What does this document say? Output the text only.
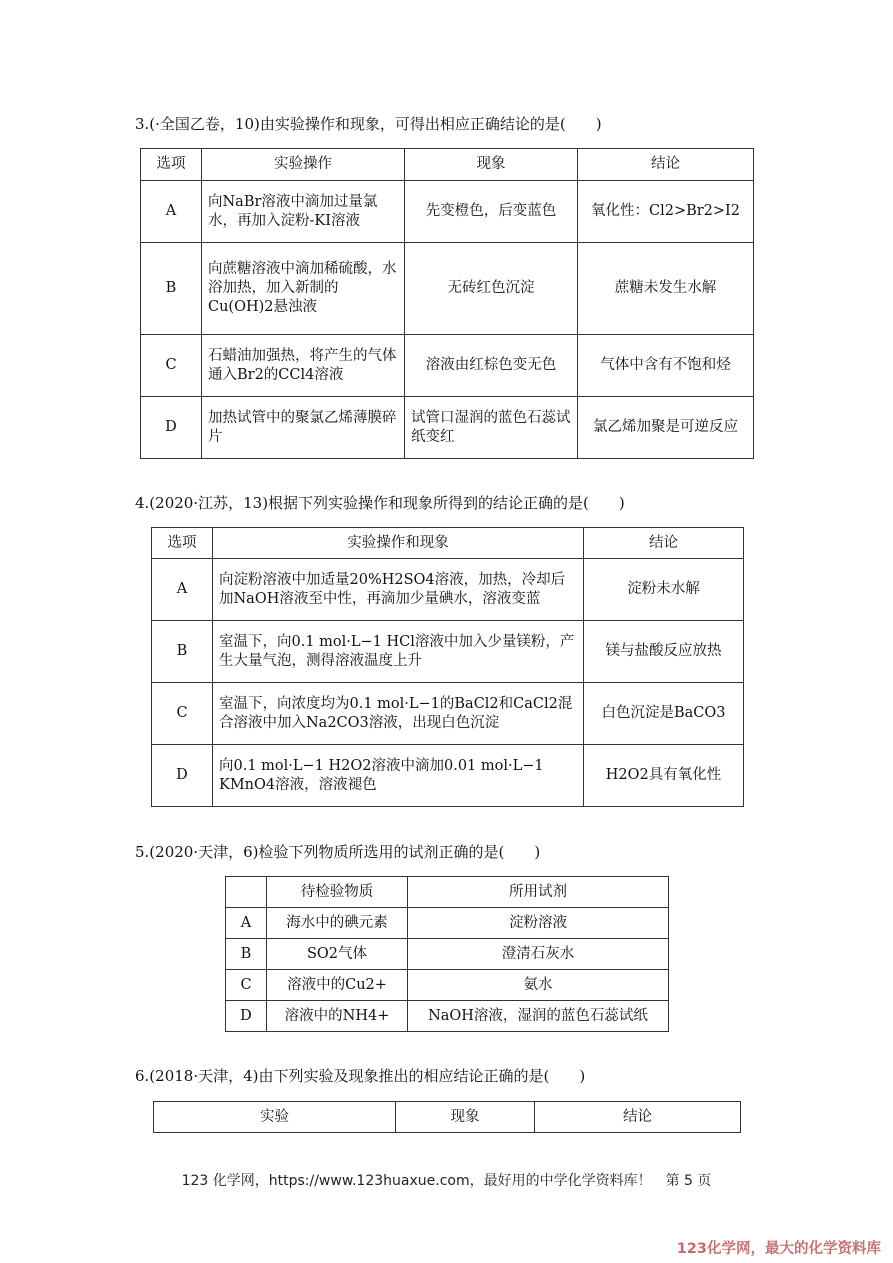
3.(·全国乙卷，10)由实验操作和现象，可得出相应正确结论的是(　　)
选项	实验操作	现象	结论
A	向NaBr溶液中滴加过量氯水，再加入淀粉-KI溶液	先变橙色，后变蓝色	氧化性：Cl2>Br2>I2
B	向蔗糖溶液中滴加稀硫酸，水浴加热，加入新制的Cu(OH)2悬浊液	无砖红色沉淀	蔗糖未发生水解
C	石蜡油加强热，将产生的气体通入Br2的CCl4溶液	溶液由红棕色变无色	气体中含有不饱和烃
D	加热试管中的聚氯乙烯薄膜碎片	试管口湿润的蓝色石蕊试纸变红	氯乙烯加聚是可逆反应
4.(2020·江苏，13)根据下列实验操作和现象所得到的结论正确的是(　　)
选项	实验操作和现象	结论
A	向淀粉溶液中加适量20%H2SO4溶液，加热，冷却后加NaOH溶液至中性，再滴加少量碘水，溶液变蓝	淀粉未水解
B	室温下，向0.1 mol·L−1 HCl溶液中加入少量镁粉，产生大量气泡，测得溶液温度上升	镁与盐酸反应放热
C	室温下，向浓度均为0.1 mol·L−1的BaCl2和CaCl2混合溶液中加入Na2CO3溶液，出现白色沉淀	白色沉淀是BaCO3
D	向0.1 mol·L−1 H2O2溶液中滴加0.01 mol·L−1 KMnO4溶液，溶液褪色	H2O2具有氧化性
5.(2020·天津，6)检验下列物质所选用的试剂正确的是(　　)
	待检验物质	所用试剂
A	海水中的碘元素	淀粉溶液
B	SO2气体	澄清石灰水
C	溶液中的Cu2+	氨水
D	溶液中的NH4+	NaOH溶液，湿润的蓝色石蕊试纸
6.(2018·天津，4)由下列实验及现象推出的相应结论正确的是(　　)
实验	现象	结论
123 化学网，https://www.123huaxue.com，最好用的中学化学资料库！ 第 5 页
123化学网，最大的化学资料库
